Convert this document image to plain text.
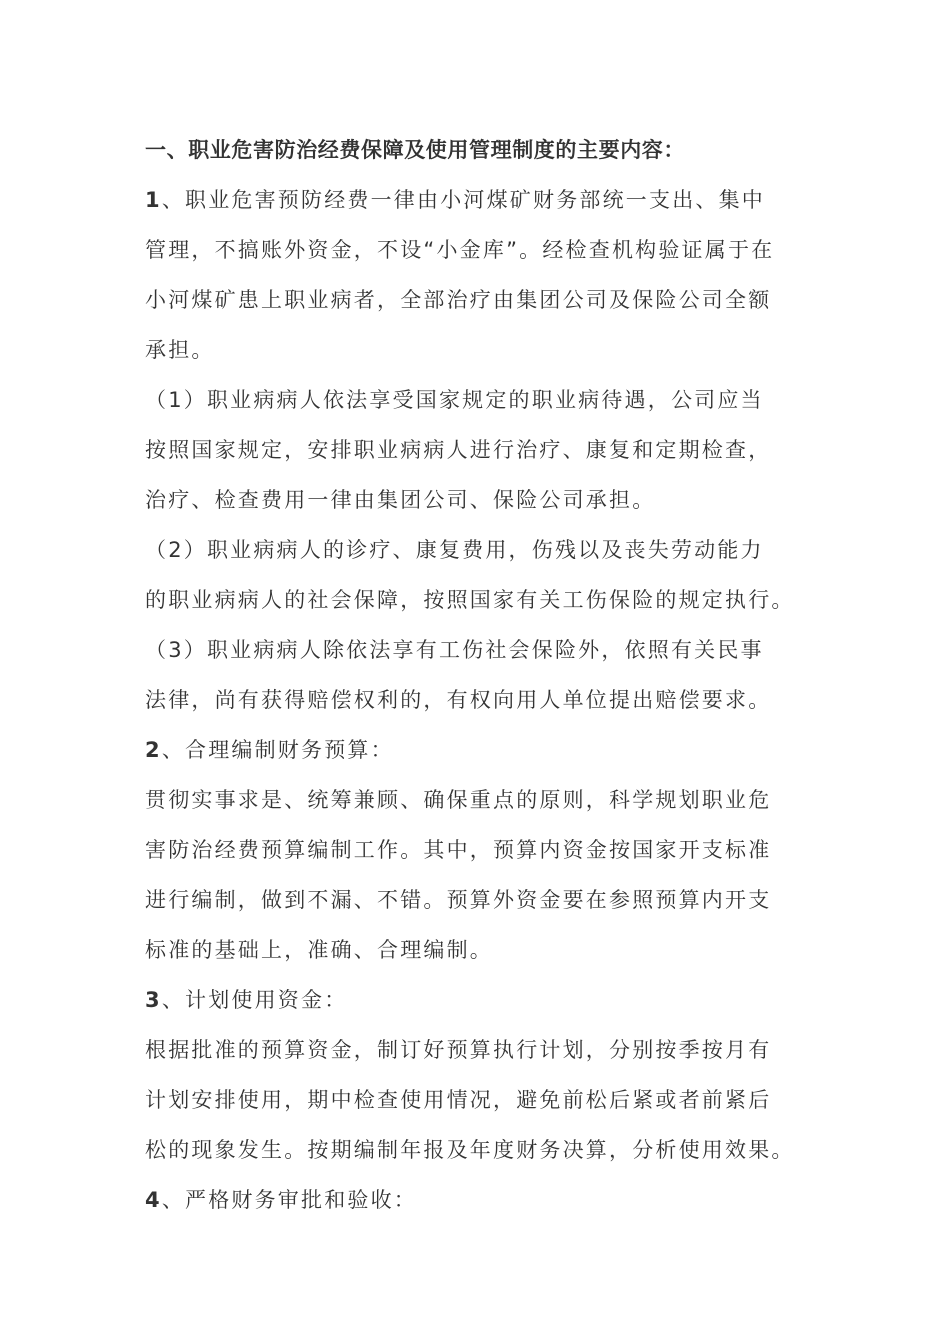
一、职业危害防治经费保障及使用管理制度的主要内容：
1、职业危害预防经费一律由小河煤矿财务部统一支出、集中
管理，不搞账外资金，不设“小金库”。经检查机构验证属于在
小河煤矿患上职业病者，全部治疗由集团公司及保险公司全额
承担。
（1）职业病病人依法享受国家规定的职业病待遇，公司应当
按照国家规定，安排职业病病人进行治疗、康复和定期检查，
治疗、检查费用一律由集团公司、保险公司承担。
（2）职业病病人的诊疗、康复费用，伤残以及丧失劳动能力
的职业病病人的社会保障，按照国家有关工伤保险的规定执行。
（3）职业病病人除依法享有工伤社会保险外，依照有关民事
法律，尚有获得赔偿权利的，有权向用人单位提出赔偿要求。
2、合理编制财务预算：
贯彻实事求是、统筹兼顾、确保重点的原则，科学规划职业危
害防治经费预算编制工作。其中，预算内资金按国家开支标准
进行编制，做到不漏、不错。预算外资金要在参照预算内开支
标准的基础上，准确、合理编制。
3、计划使用资金：
根据批准的预算资金，制订好预算执行计划，分别按季按月有
计划安排使用，期中检查使用情况，避免前松后紧或者前紧后
松的现象发生。按期编制年报及年度财务决算，分析使用效果。
4、严格财务审批和验收：
